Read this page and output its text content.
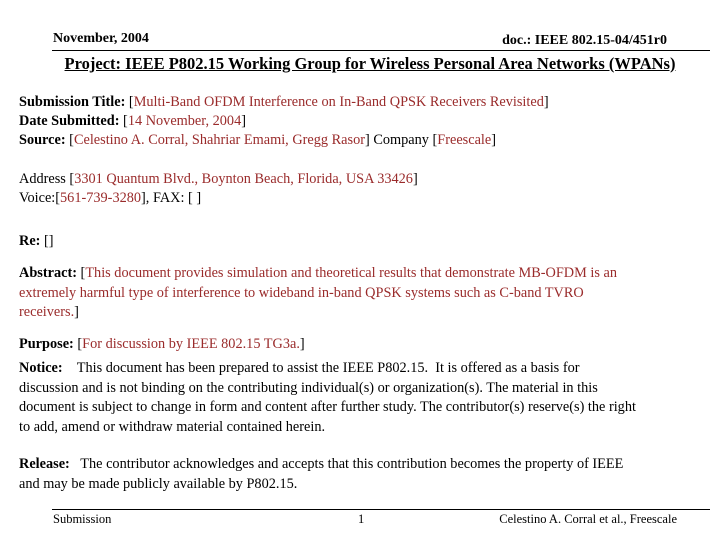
November, 2004	doc.: IEEE 802.15-04/451r0
Project: IEEE P802.15 Working Group for Wireless Personal Area Networks (WPANs)
Submission Title: [Multi-Band OFDM Interference on In-Band QPSK Receivers Revisited]
Date Submitted: [14 November, 2004]
Source: [Celestino A. Corral, Shahriar Emami, Gregg Rasor] Company [Freescale]
Address [3301 Quantum Blvd., Boynton Beach, Florida, USA 33426]
Voice:[561-739-3280], FAX: [ ]
Re: []
Abstract: [This document provides simulation and theoretical results that demonstrate MB-OFDM is an
extremely harmful type of interference to wideband in-band QPSK systems such as C-band TVRO
receivers.]
Purpose: [For discussion by IEEE 802.15 TG3a.]
Notice:    This document has been prepared to assist the IEEE P802.15.  It is offered as a basis for
discussion and is not binding on the contributing individual(s) or organization(s). The material in this
document is subject to change in form and content after further study. The contributor(s) reserve(s) the right
to add, amend or withdraw material contained herein.
Release:   The contributor acknowledges and accepts that this contribution becomes the property of IEEE
and may be made publicly available by P802.15.
Submission	1	Celestino A. Corral et al., Freescale
